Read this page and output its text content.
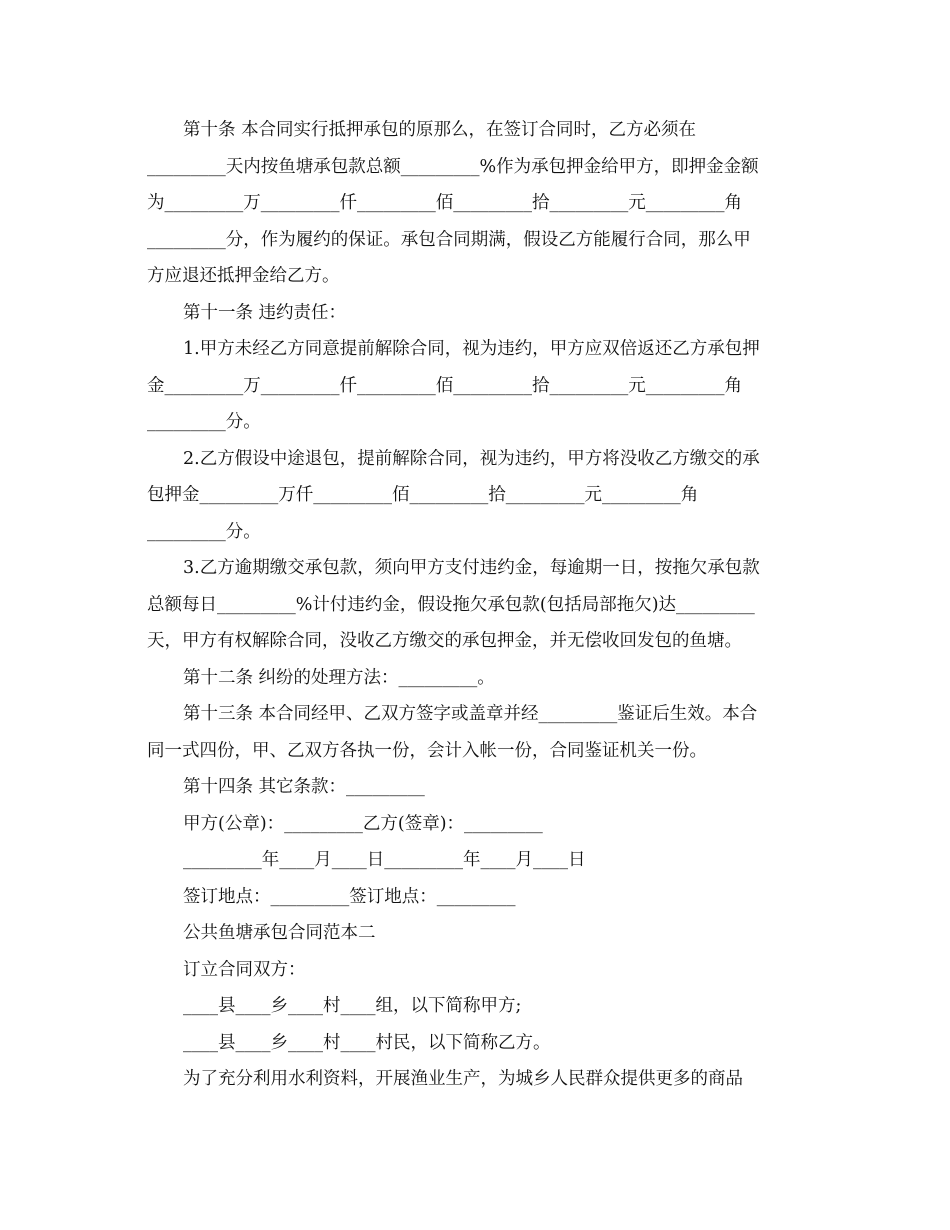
第十条 本合同实行抵押承包的原那么，在签订合同时，乙方必须在
_________天内按鱼塘承包款总额_________%作为承包押金给甲方，即押金金额
为_________万_________仟_________佰_________拾_________元_________角
_________分，作为履约的保证。承包合同期满，假设乙方能履行合同，那么甲
方应退还抵押金给乙方。
第十一条 违约责任：
1.甲方未经乙方同意提前解除合同，视为违约，甲方应双倍返还乙方承包押
金_________万_________仟_________佰_________拾_________元_________角
_________分。
2.乙方假设中途退包，提前解除合同，视为违约，甲方将没收乙方缴交的承
包押金_________万仟_________佰_________拾_________元_________角
_________分。
3.乙方逾期缴交承包款，须向甲方支付违约金，每逾期一日，按拖欠承包款
总额每日_________%计付违约金，假设拖欠承包款(包括局部拖欠)达_________
天，甲方有权解除合同，没收乙方缴交的承包押金，并无偿收回发包的鱼塘。
第十二条 纠纷的处理方法：_________。
第十三条 本合同经甲、乙双方签字或盖章并经_________鉴证后生效。本合
同一式四份，甲、乙双方各执一份，会计入帐一份，合同鉴证机关一份。
第十四条 其它条款：_________
甲方(公章)：_________乙方(签章)：_________
_________年____月____日_________年____月____日
签订地点：_________签订地点：_________
公共鱼塘承包合同范本二
订立合同双方：
____县____乡____村____组，以下简称甲方;
____县____乡____村____村民，以下简称乙方。
为了充分利用水利资料，开展渔业生产，为城乡人民群众提供更多的商品
